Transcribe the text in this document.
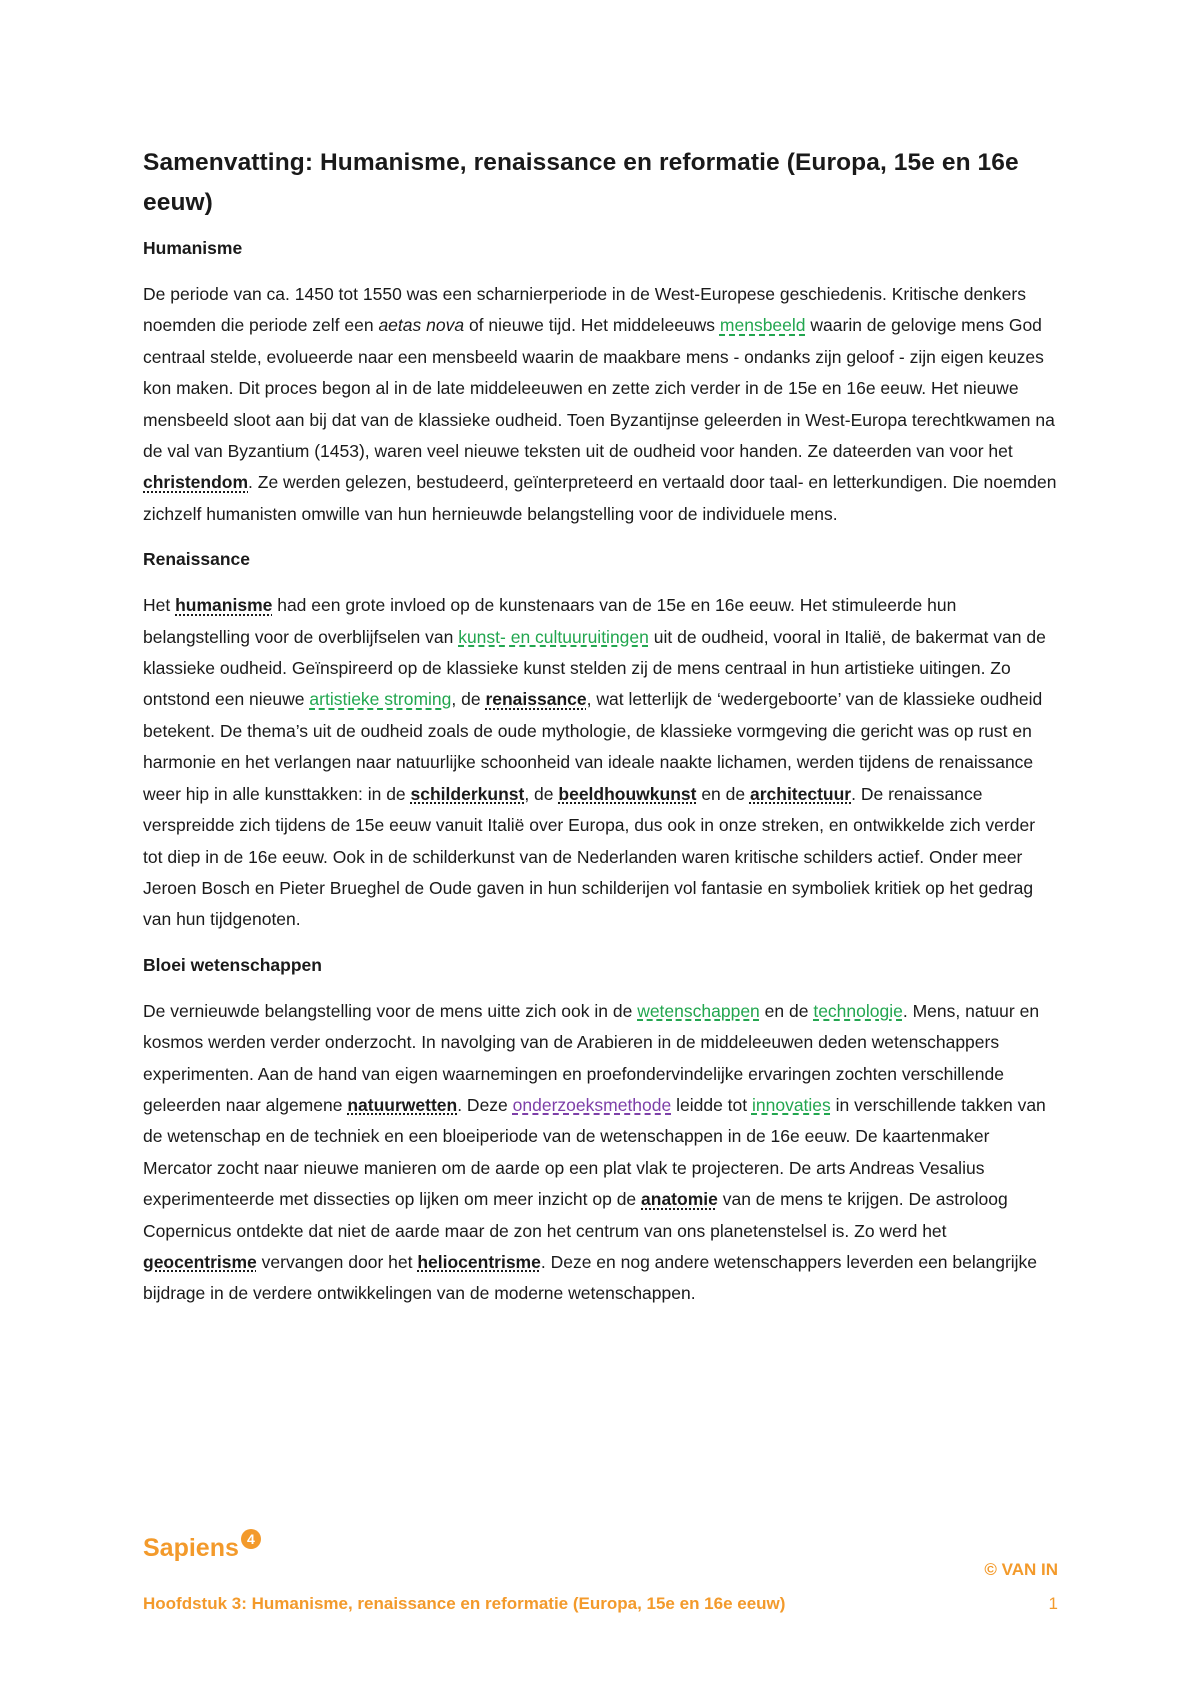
Samenvatting: Humanisme, renaissance en reformatie (Europa, 15e en 16e eeuw)
Humanisme

De periode van ca. 1450 tot 1550 was een scharnierperiode in de West-Europese geschiedenis. Kritische denkers noemden die periode zelf een aetas nova of nieuwe tijd. Het middeleeuws mensbeeld waarin de gelovige mens God centraal stelde, evolueerde naar een mensbeeld waarin de maakbare mens - ondanks zijn geloof - zijn eigen keuzes kon maken. Dit proces begon al in de late middeleeuwen en zette zich verder in de 15e en 16e eeuw. Het nieuwe mensbeeld sloot aan bij dat van de klassieke oudheid. Toen Byzantijnse geleerden in West-Europa terechtkwamen na de val van Byzantium (1453), waren veel nieuwe teksten uit de oudheid voor handen. Ze dateerden van voor het christendom. Ze werden gelezen, bestudeerd, geïnterpreteerd en vertaald door taal- en letterkundigen. Die noemden zichzelf humanisten omwille van hun hernieuwde belangstelling voor de individuele mens.

Renaissance

Het humanisme had een grote invloed op de kunstenaars van de 15e en 16e eeuw. Het stimuleerde hun belangstelling voor de overblijfselen van kunst- en cultuuruitingen uit de oudheid, vooral in Italië, de bakermat van de klassieke oudheid. Geïnspireerd op de klassieke kunst stelden zij de mens centraal in hun artistieke uitingen. Zo ontstond een nieuwe artistieke stroming, de renaissance, wat letterlijk de ‘wedergeboorte’ van de klassieke oudheid betekent. De thema’s uit de oudheid zoals de oude mythologie, de klassieke vormgeving die gericht was op rust en harmonie en het verlangen naar natuurlijke schoonheid van ideale naakte lichamen, werden tijdens de renaissance weer hip in alle kunsttakken: in de schilderkunst, de beeldhouwkunst en de architectuur. De renaissance verspreidde zich tijdens de 15e eeuw vanuit Italië over Europa, dus ook in onze streken, en ontwikkelde zich verder tot diep in de 16e eeuw. Ook in de schilderkunst van de Nederlanden waren kritische schilders actief. Onder meer Jeroen Bosch en Pieter Brueghel de Oude gaven in hun schilderijen vol fantasie en symboliek kritiek op het gedrag van hun tijdgenoten.

Bloei wetenschappen

De vernieuwde belangstelling voor de mens uitte zich ook in de wetenschappen en de technologie. Mens, natuur en kosmos werden verder onderzocht. In navolging van de Arabieren in de middeleeuwen deden wetenschappers experimenten. Aan de hand van eigen waarnemingen en proefondervindelijke ervaringen zochten verschillende geleerden naar algemene natuurwetten. Deze onderzoeksmethode leidde tot innovaties in verschillende takken van de wetenschap en de techniek en een bloeiperiode van de wetenschappen in de 16e eeuw. De kaartenmaker Mercator zocht naar nieuwe manieren om de aarde op een plat vlak te projecteren. De arts Andreas Vesalius experimenteerde met dissecties op lijken om meer inzicht op de anatomie van de mens te krijgen. De astroloog Copernicus ontdekte dat niet de aarde maar de zon het centrum van ons planetenstelsel is. Zo werd het geocentrisme vervangen door het heliocentrisme. Deze en nog andere wetenschappers leverden een belangrijke bijdrage in de verdere ontwikkelingen van de moderne wetenschappen.

Sapiens 4
© VAN IN
Hoofdstuk 3: Humanisme, renaissance en reformatie (Europa, 15e en 16e eeuw)	1
